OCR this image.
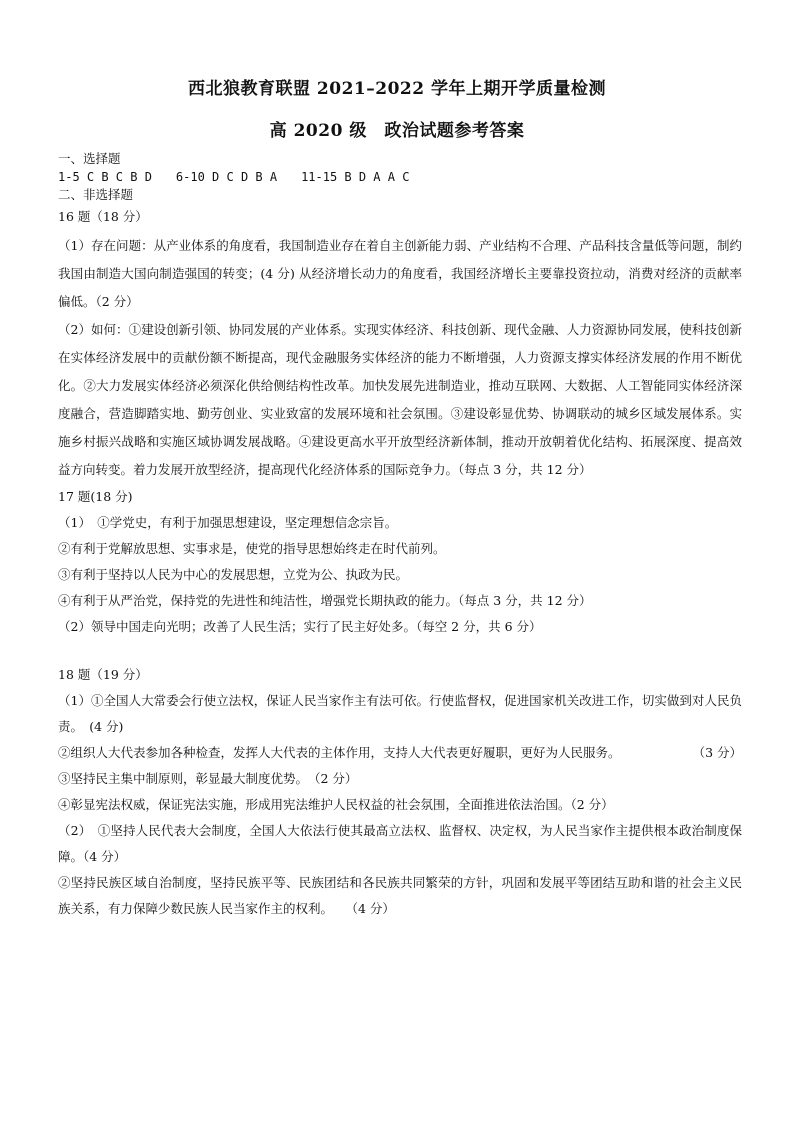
西北狼教育联盟 2021–2022 学年上期开学质量检测
高 2020 级　政治试题参考答案
一、选择题
1-5 C B C B D　　6-10 D C D B A　　11-15 B D A A C
二、非选择题
16 题（18 分）

（1）存在问题：从产业体系的角度看，我国制造业存在着自主创新能力弱、产业结构不合理、产品科技含量低等问题，制约我国由制造大国向制造强国的转变；(4 分) 从经济增长动力的角度看，我国经济增长主要靠投资拉动，消费对经济的贡献率偏低。（2 分）

（2）如何：①建设创新引领、协同发展的产业体系。实现实体经济、科技创新、现代金融、人力资源协同发展，使科技创新在实体经济发展中的贡献份额不断提高，现代金融服务实体经济的能力不断增强，人力资源支撑实体经济发展的作用不断优化。②大力发展实体经济必须深化供给侧结构性改革。加快发展先进制造业，推动互联网、大数据、人工智能同实体经济深度融合，营造脚踏实地、勤劳创业、实业致富的发展环境和社会氛围。③建设彰显优势、协调联动的城乡区域发展体系。实施乡村振兴战略和实施区域协调发展战略。④建设更高水平开放型经济新体制，推动开放朝着优化结构、拓展深度、提高效益方向转变。着力发展开放型经济，提高现代化经济体系的国际竞争力。（每点 3 分，共 12 分）

17 题(18 分)
（1）　①学党史，有利于加强思想建设，坚定理想信念宗旨。
②有利于党解放思想、实事求是，使党的指导思想始终走在时代前列。
③有利于坚持以人民为中心的发展思想，立党为公、执政为民。
④有利于从严治党，保持党的先进性和纯洁性，增强党长期执政的能力。（每点 3 分，共 12 分）
（2）领导中国走向光明；改善了人民生活；实行了民主好处多。（每空 2 分，共 6 分）
18 题（19 分）

（1）①全国人大常委会行使立法权，保证人民当家作主有法可依。行使监督权，促进国家机关改进工作，切实做到对人民负责。　(4 分)

②组织人大代表参加各种检查，发挥人大代表的主体作用，支持人大代表更好履职，更好为人民服务。	（3 分）
③坚持民主集中制原则，彰显最大制度优势。　（2 分）
④彰显宪法权威，保证宪法实施，形成用宪法维护人民权益的社会氛围，全面推进依法治国。（2 分）

（2）　①坚持人民代表大会制度，全国人大依法行使其最高立法权、监督权、决定权，为人民当家作主提供根本政治制度保障。（4 分）

②坚持民族区域自治制度，坚持民族平等、民族团结和各民族共同繁荣的方针，巩固和发展平等团结互助和谐的社会主义民族关系，有力保障少数民族人民当家作主的权利。　　（4 分）
